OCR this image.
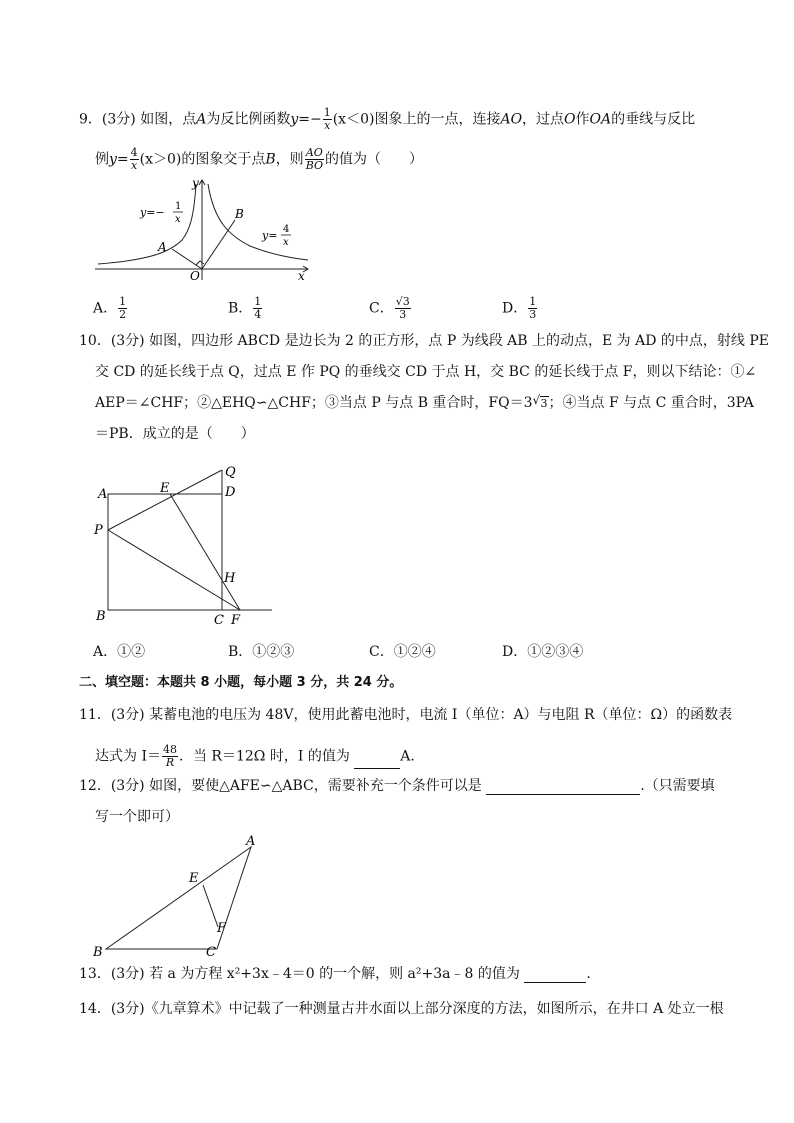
9．(3分) 如图，点A为反比例函数$y=- \frac{1}{x} (x<0)$图象上的一点，连接AO，过点O作OA的垂线与反比
例$y= \frac{4}{x} (x>0)$的图象交于点B，则 $\frac{AO}{BO}$ 的值为（　　）
y
x
O
A
B
y=− 1
x
y= 4
x
A． $\frac{1}{2}$	B． $\frac{1}{4}$	C． $\frac{√3}{3}$	D． $\frac{1}{3}$
10．(3分) 如图，四边形 ABCD 是边长为 2 的正方形，点 P 为线段 AB 上的动点，E 为 AD 的中点，射线 PE
交 CD 的延长线于点 Q，过点 E 作 PQ 的垂线交 CD 于点 H，交 BC 的延长线于点 F，则以下结论：①∠
AEP＝∠CHF；②△EHQ∽△CHF；③当点 P 与点 B 重合时，FQ＝3√ 3；④当点 F 与点 C 重合时，3PA
＝PB．成立的是（　　）
A
B	C
D
E
P
Q
H
F
A．①②	B．①②③	C．①②④	D．①②③④
二、填空题：本题共 8 小题，每小题 3 分，共 24 分。
11．(3分) 某蓄电池的电压为 48V，使用此蓄电池时，电流 I（单位：A）与电阻 R（单位：Ω）的函数表
达式为 $I= \frac{48}{R}$ ．当 R＝12Ω 时，I 的值为	A.
12．(3分) 如图，要使△AFE∽△ABC，需要补充一个条件可以是	.（只需要填
写一个即可）
A
B	C
E
F
13．(3分) 若 a 为方程 x²+3x﹣4＝0 的一个解，则 a²+3a﹣8 的值为	.
14．(3分)《九章算术》中记载了一种测量古井水面以上部分深度的方法，如图所示，在井口 A 处立一根
